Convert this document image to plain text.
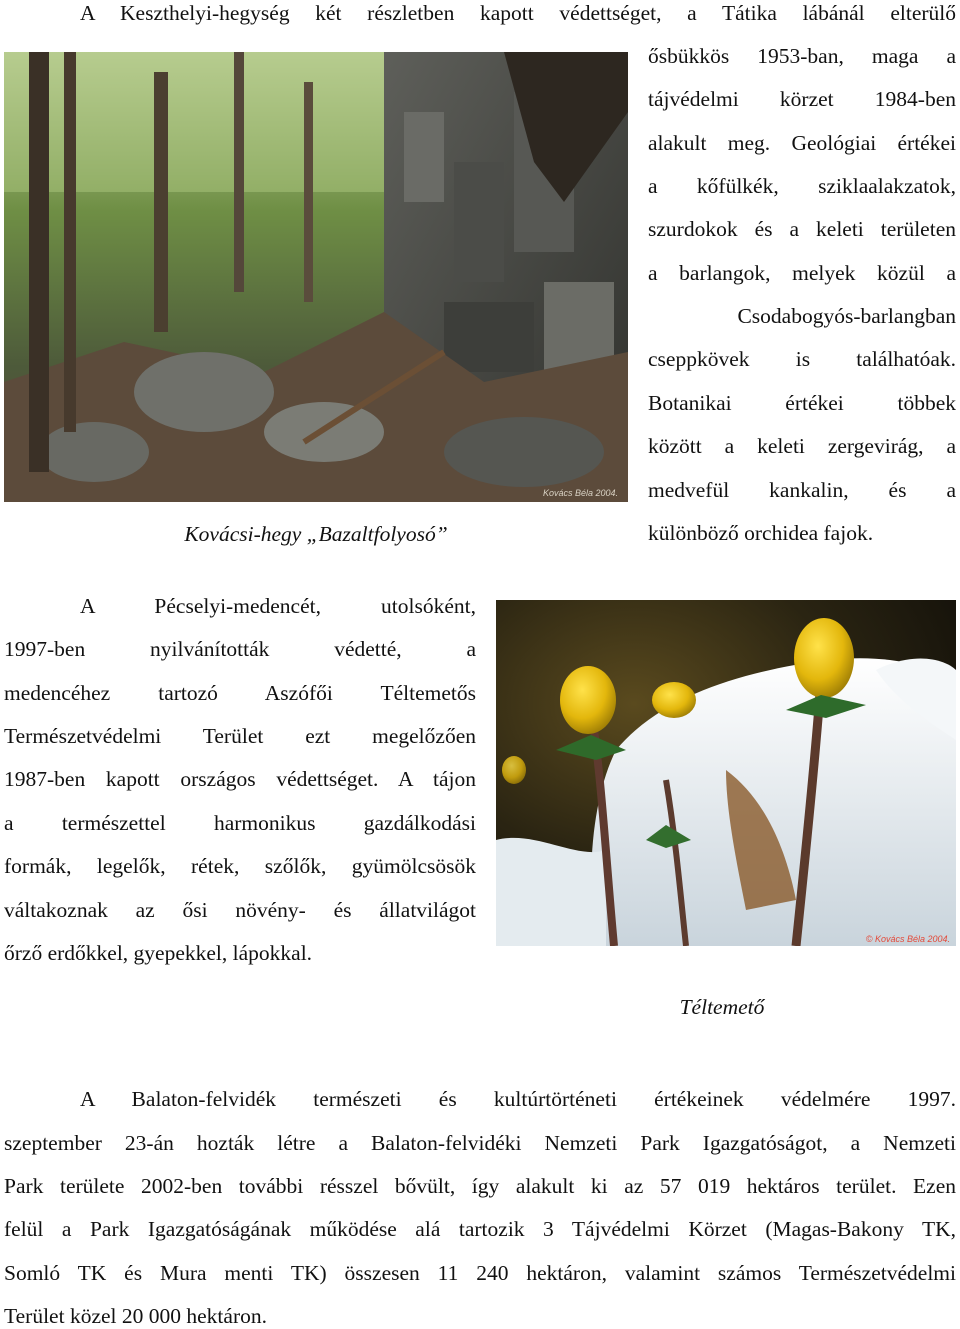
A Keszthelyi-hegység két részletben kapott védettséget, a Tátika lábánál elterülő
Kovács Béla 2004.
Kovácsi-hegy „Bazaltfolyosó”
ősbükkös 1953-ban, maga a
tájvédelmi körzet 1984-ben
alakult meg. Geológiai értékei
a kőfülkék, sziklaalakzatok,
szurdokok és a keleti területen
a barlangok, melyek közül a
Csodabogyós-barlangban
cseppkövek is találhatóak.
Botanikai értékei többek
között a keleti zergevirág, a
medvefül kankalin, és a
különböző orchidea fajok.
A Pécselyi-medencét, utolsóként,
1997-ben nyilvánították védetté, a
medencéhez tartozó Aszófői Téltemetős
Természetvédelmi Terület ezt megelőzően
1987-ben kapott országos védettséget. A tájon
a természettel harmonikus gazdálkodási
formák, legelők, rétek, szőlők, gyümölcsösök
váltakoznak az ősi növény- és állatvilágot
őrző erdőkkel, gyepekkel, lápokkal.
© Kovács Béla 2004.
Téltemető
A Balaton-felvidék természeti és kultúrtörténeti értékeinek védelmére 1997.
szeptember 23-án hozták létre a Balaton-felvidéki Nemzeti Park Igazgatóságot, a Nemzeti
Park területe 2002-ben további résszel bővült, így alakult ki az 57 019 hektáros terület. Ezen
felül a Park Igazgatóságának működése alá tartozik 3 Tájvédelmi Körzet (Magas-Bakony TK,
Somló TK és Mura menti TK) összesen 11 240 hektáron, valamint számos Természetvédelmi
Terület közel 20 000 hektáron.
